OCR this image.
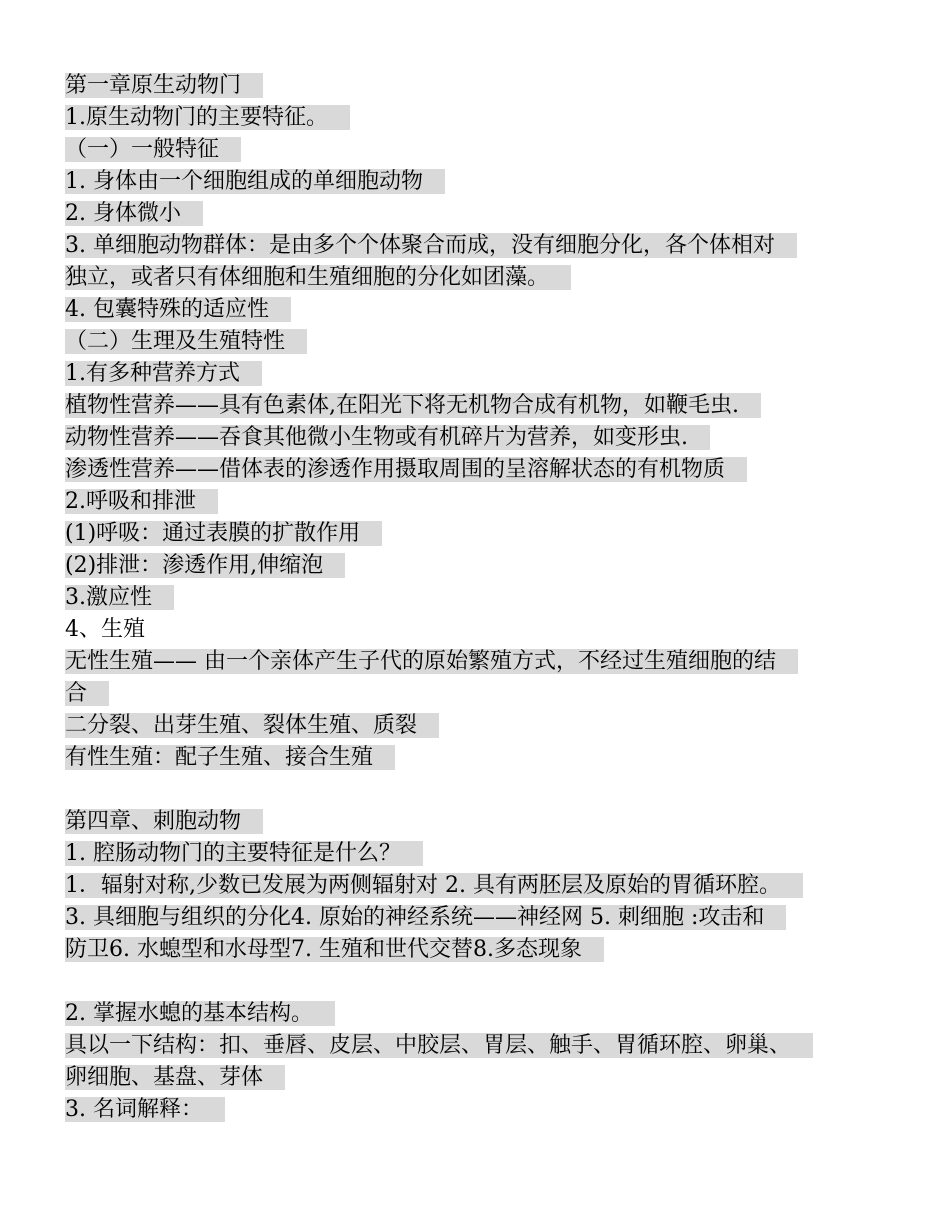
第一章原生动物门
1.原生动物门的主要特征。
（一）一般特征
1. 身体由一个细胞组成的单细胞动物
2. 身体微小
3. 单细胞动物群体：是由多个个体聚合而成，没有细胞分化，各个体相对
独立，或者只有体细胞和生殖细胞的分化如团藻。
4. 包囊特殊的适应性
（二）生理及生殖特性
1.有多种营养方式
植物性营养——具有色素体,在阳光下将无机物合成有机物，如鞭毛虫.
动物性营养——吞食其他微小生物或有机碎片为营养，如变形虫.
渗透性营养——借体表的渗透作用摄取周围的呈溶解状态的有机物质
2.呼吸和排泄
(1)呼吸：通过表膜的扩散作用
(2)排泄：渗透作用,伸缩泡
3.激应性
4、生殖
无性生殖—— 由一个亲体产生子代的原始繁殖方式，不经过生殖细胞的结
合
二分裂、出芽生殖、裂体生殖、质裂
有性生殖：配子生殖、接合生殖
第四章、刺胞动物
1. 腔肠动物门的主要特征是什么？
1．辐射对称,少数已发展为两侧辐射对 2. 具有两胚层及原始的胃循环腔。
3. 具细胞与组织的分化4. 原始的神经系统——神经网 5. 刺细胞 :攻击和
防卫6. 水螅型和水母型7. 生殖和世代交替8.多态现象
2. 掌握水螅的基本结构。
具以一下结构：扣、垂唇、皮层、中胶层、胃层、触手、胃循环腔、卵巢、
卵细胞、基盘、芽体
3. 名词解释：
